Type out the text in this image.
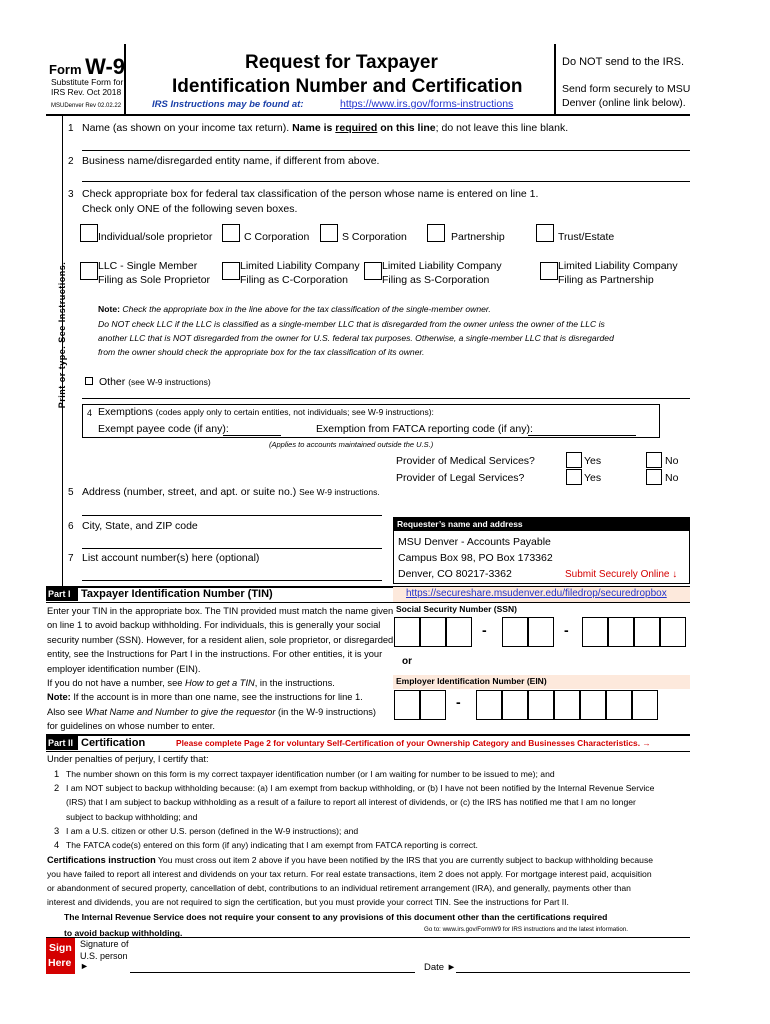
Form W-9
Substitute Form for
IRS Rev. Oct 2018
MSUDenver Rev 02.02.22
Request for Taxpayer
Identification Number and Certification
IRS Instructions may be found at:	https://www.irs.gov/forms-instructions
Do NOT send to the IRS.
Send form securely to MSU
Denver (online link below).
Print or type. See Instructions.
1 Name (as shown on your income tax return). Name is required on this line; do not leave this line blank.
2 Business name/disregarded entity name, if different from above.
3 Check appropriate box for federal tax classification of the person whose name is entered on line 1.
Check only ONE of the following seven boxes.
Individual/sole proprietor	C Corporation	S Corporation	Partnership	Trust/Estate
LLC - Single Member
Filing as Sole Proprietor
Limited Liability Company
Filing as C-Corporation
Limited Liability Company
Filing as S-Corporation
Limited Liability Company
Filing as Partnership
Note: Check the appropriate box in the line above for the tax classification of the single-member owner.
Do NOT check LLC if the LLC is classified as a single-member LLC that is disregarded from the owner unless the owner of the LLC is
another LLC that is NOT disregarded from the owner for U.S. federal tax purposes. Otherwise, a single-member LLC that is disregarded
from the owner should check the appropriate box for the tax classification of its owner.
Other (see W-9 instructions)
4 Exemptions (codes apply only to certain entities, not individuals; see W-9 instructions):
Exempt payee code (if any):	Exemption from FATCA reporting code (if any):
(Applies to accounts maintained outside the U.S.)
Provider of Medical Services?	Yes	No
Provider of Legal Services?	Yes	No
5 Address (number, street, and apt. or suite no.) See W-9 instructions.
6 City, State, and ZIP code
7 List account number(s) here (optional)
Requester’s name and address
MSU Denver - Accounts Payable
Campus Box 98, PO Box 173362
Denver, CO 80217-3362	Submit Securely Online ↓
Part I Taxpayer Identification Number (TIN)	https://secureshare.msudenver.edu/filedrop/securedropbox
Enter your TIN in the appropriate box. The TIN provided must match the name given
on line 1 to avoid backup withholding. For individuals, this is generally your social
security number (SSN). However, for a resident alien, sole proprietor, or disregarded
entity, see the Instructions for Part I in the instructions. For other entities, it is your
employer identification number (EIN).
If you do not have a number, see How to get a TIN, in the instructions.
Note: If the account is in more than one name, see the instructions for line 1.
Also see What Name and Number to give the requestor (in the W-9 instructions)
for guidelines on whose number to enter.
Social Security Number (SSN)
-	-
or
Employer Identification Number (EIN)
-
Part II Certification	Please complete Page 2 for voluntary Self-Certification of your Ownership Category and Businesses Characteristics. →
Under penalties of perjury, I certify that:
1 The number shown on this form is my correct taxpayer identification number (or I am waiting for number to be issued to me); and
2 I am NOT subject to backup withholding because: (a) I am exempt from backup withholding, or (b) I have not been notified by the Internal Revenue Service
(IRS) that I am subject to backup withholding as a result of a failure to report all interest of dividends, or (c) the IRS has notified me that I am no longer
subject to backup withholding; and
3 I am a U.S. citizen or other U.S. person (defined in the W-9 instructions); and
4 The FATCA code(s) entered on this form (if any) indicating that I am exempt from FATCA reporting is correct.
Certifications instruction You must cross out item 2 above if you have been notified by the IRS that you are currently subject to backup withholding because
you have failed to report all interest and dividends on your tax return. For real estate transactions, item 2 does not apply. For mortgage interest paid, acquisition
or abandonment of secured property, cancellation of debt, contributions to an individual retirement arrangement (IRA), and generally, payments other than
interest and dividends, you are not required to sign the certification, but you must provide your correct TIN. See the instructions for Part II.
The Internal Revenue Service does not require your consent to any provisions of this document other than the certifications required
to avoid backup withholding.	Go to: www.irs.gov/FormW9 for IRS instructions and the latest information.
Sign
Here
Signature of
U.S. person
►	Date ►
